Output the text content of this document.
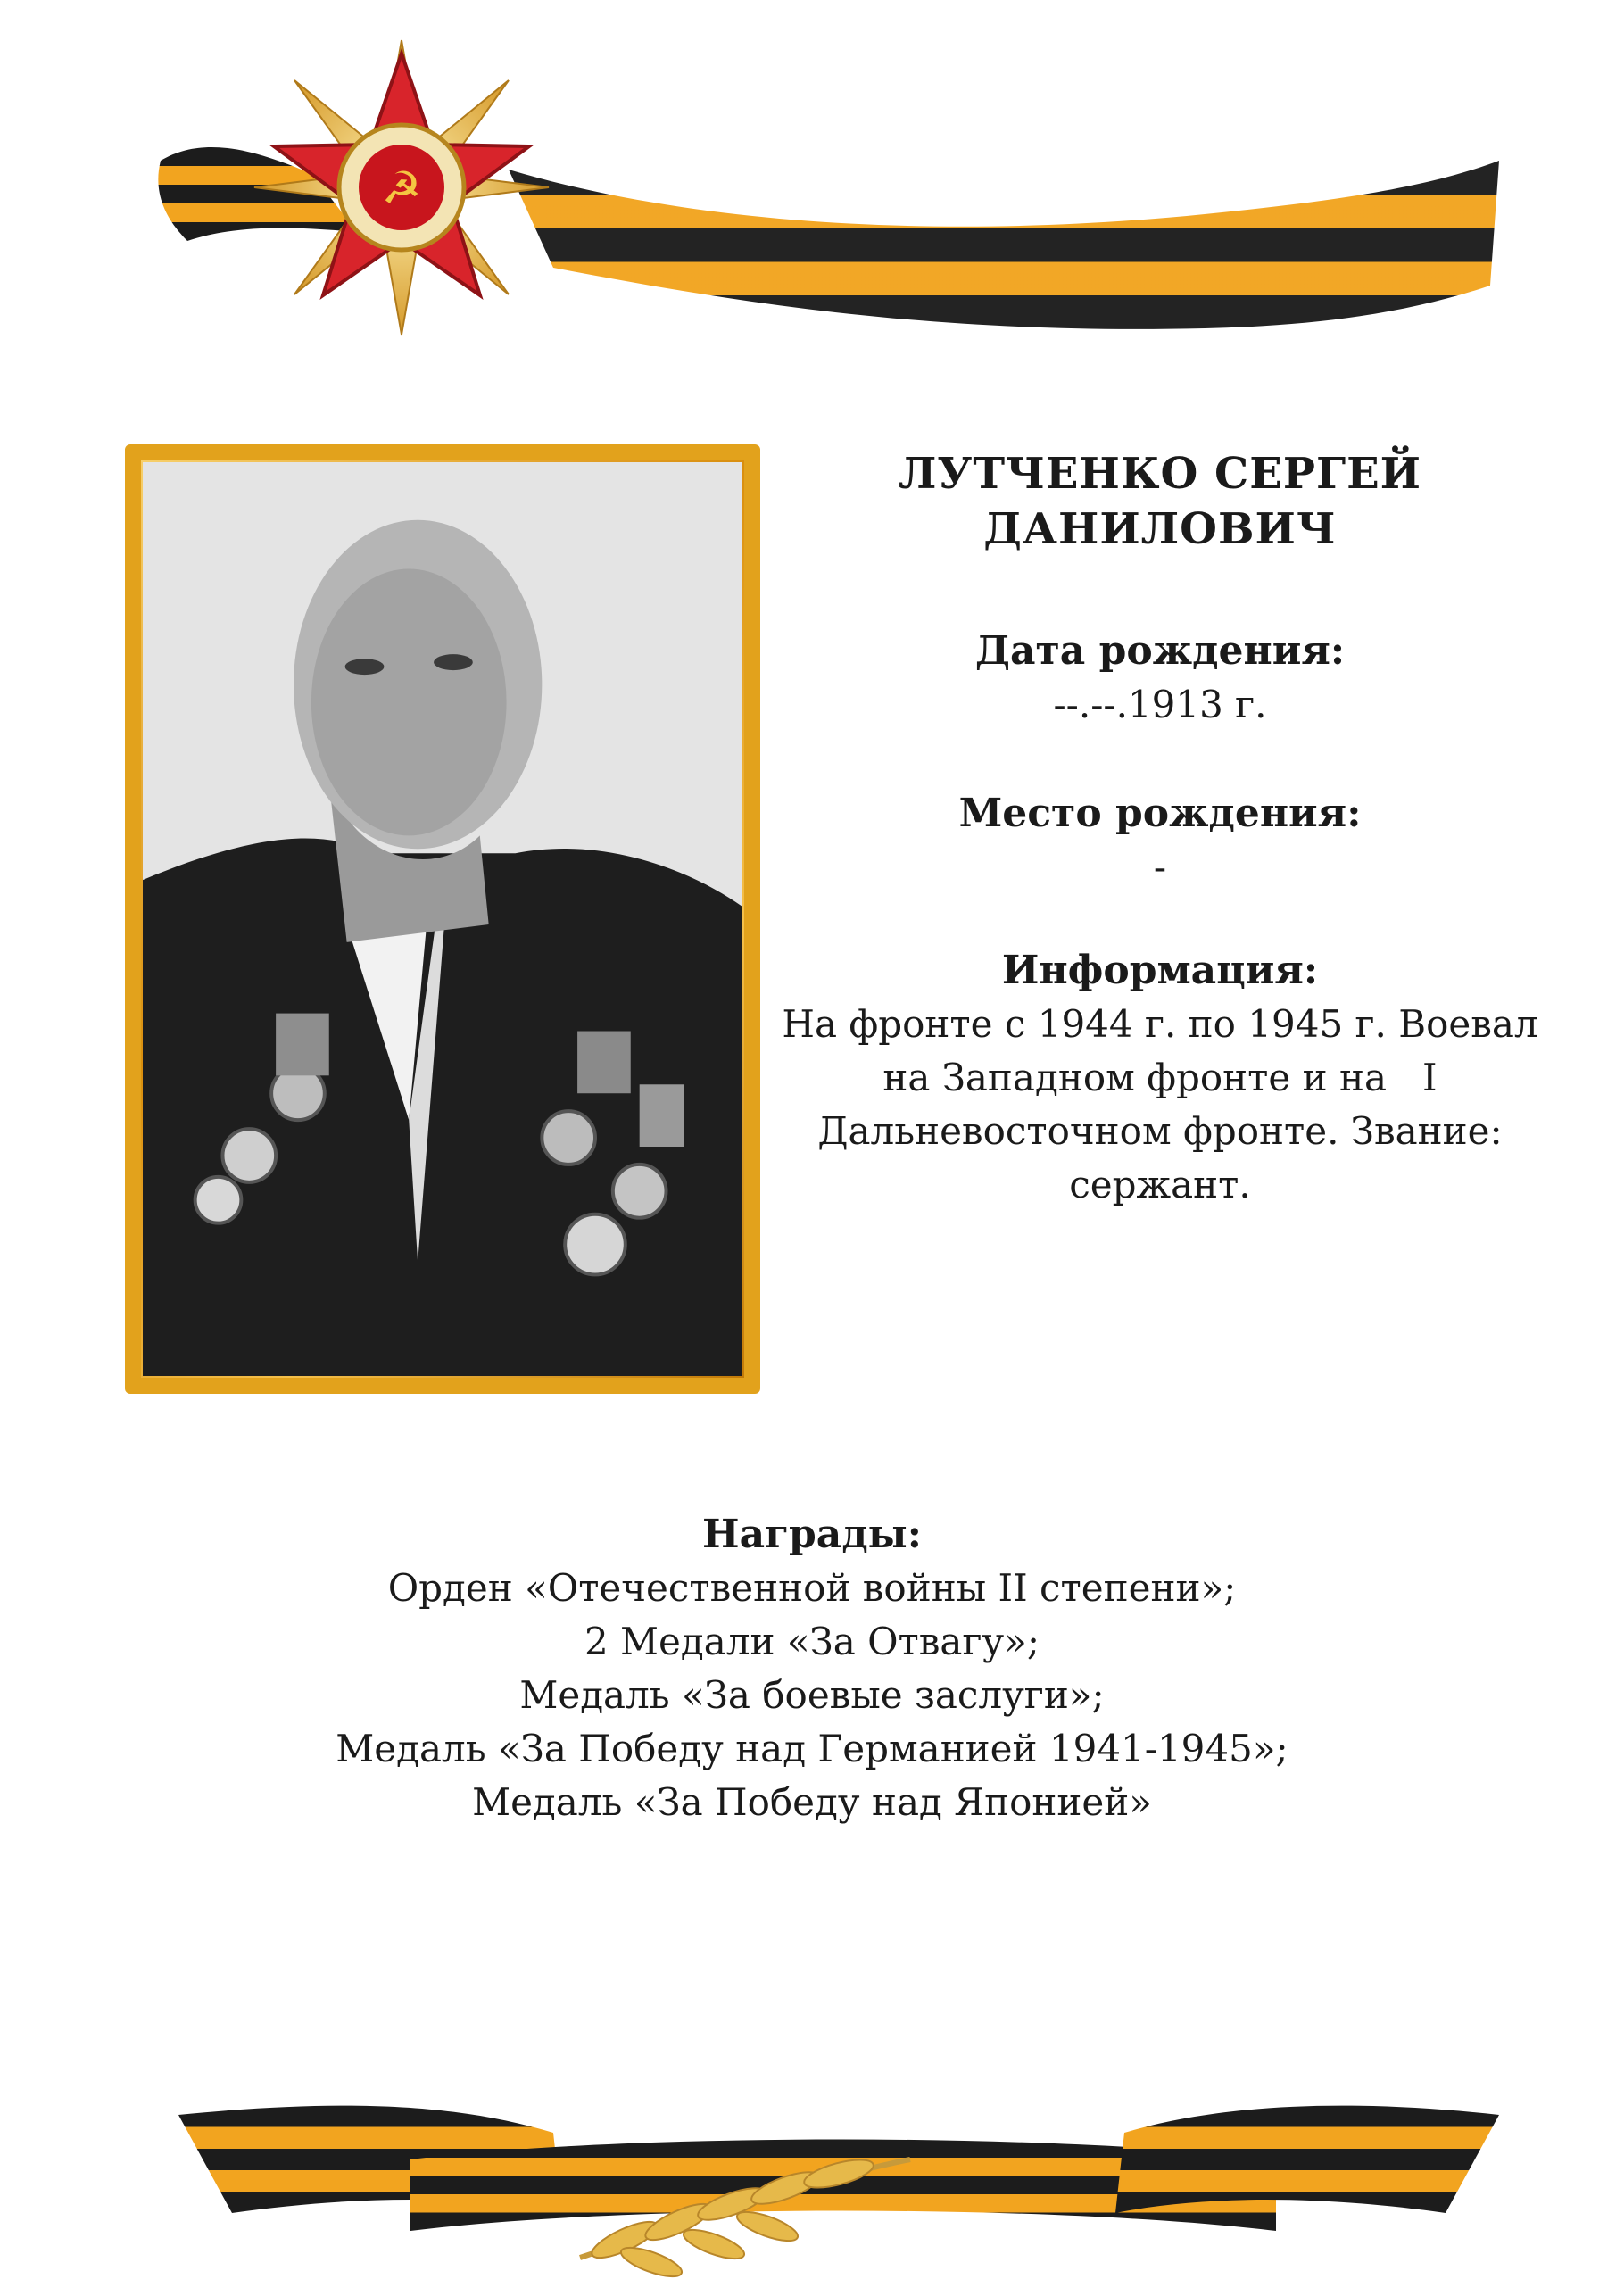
☭
ЛУТЧЕНКО СЕРГЕЙ
ДАНИЛОВИЧ
Дата рождения:
--.--.1913 г.
Место рождения:
-
Информация:
На фронте с 1944 г. по 1945 г. Воевал
на Западном фронте и на   I
Дальневосточном фронте. Звание:
сержант.
Награды:
Орден «Отечественной войны II степени»;
2 Медали «За Отвагу»;
Медаль «За боевые заслуги»;
Медаль «За Победу над Германией 1941-1945»;
Медаль «За Победу над Японией»
